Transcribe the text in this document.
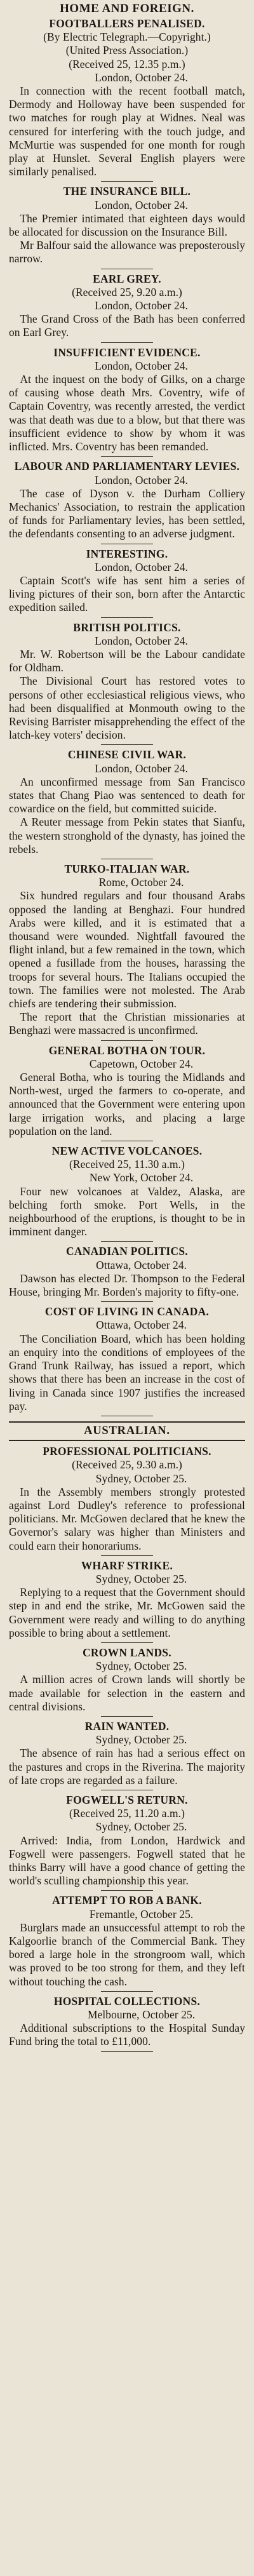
HOME AND FOREIGN.
FOOTBALLERS PENALISED.
(By Electric Telegraph.—Copyright.)
(United Press Association.)
(Received 25, 12.35 p.m.)
London, October 24.

In connection with the recent football match, Dermody and Holloway have been suspended for two matches for rough play at Widnes. Neal was censured for interfering with the touch judge, and McMurtie was suspended for one month for rough play at Hunslet. Several English players were similarly penalised.

THE INSURANCE BILL.
London, October 24.

The Premier intimated that eighteen days would be allocated for discussion on the Insurance Bill.

Mr Balfour said the allowance was preposterously narrow.

EARL GREY.
(Received 25, 9.20 a.m.)
London, October 24.

The Grand Cross of the Bath has been conferred on Earl Grey.

INSUFFICIENT EVIDENCE.
London, October 24.

At the inquest on the body of Gilks, on a charge of causing whose death Mrs. Coventry, wife of Captain Coventry, was recently arrested, the verdict was that death was due to a blow, but that there was insufficient evidence to show by whom it was inflicted. Mrs. Coventry has been remanded.

LABOUR AND PARLIAMENTARY LEVIES.
London, October 24.

The case of Dyson v. the Durham Colliery Mechanics' Association, to restrain the application of funds for Parliamentary levies, has been settled, the defendants consenting to an adverse judgment.

INTERESTING.
London, October 24.

Captain Scott's wife has sent him a series of living pictures of their son, born after the Antarctic expedition sailed.

BRITISH POLITICS.
London, October 24.

Mr. W. Robertson will be the Labour candidate for Oldham.

The Divisional Court has restored votes to persons of other ecclesiastical religious views, who had been disqualified at Monmouth owing to the Revising Barrister misapprehending the effect of the latch-key voters' decision.

CHINESE CIVIL WAR.
London, October 24.

An unconfirmed message from San Francisco states that Chang Piao was sentenced to death for cowardice on the field, but committed suicide.

A Reuter message from Pekin states that Sianfu, the western stronghold of the dynasty, has joined the rebels.

TURKO-ITALIAN WAR.
Rome, October 24.

Six hundred regulars and four thousand Arabs opposed the landing at Benghazi. Four hundred Arabs were killed, and it is estimated that a thousand were wounded. Nightfall favoured the flight inland, but a few remained in the town, which opened a fusillade from the houses, harassing the troops for several hours. The Italians occupied the town. The families were not molested. The Arab chiefs are tendering their submission.

The report that the Christian missionaries at Benghazi were massacred is unconfirmed.

GENERAL BOTHA ON TOUR.
Capetown, October 24.

General Botha, who is touring the Midlands and North-west, urged the farmers to co-operate, and announced that the Government were entering upon large irrigation works, and placing a large population on the land.

NEW ACTIVE VOLCANOES.
(Received 25, 11.30 a.m.)
New York, October 24.

Four new volcanoes at Valdez, Alaska, are belching forth smoke. Port Wells, in the neighbourhood of the eruptions, is thought to be in imminent danger.

CANADIAN POLITICS.
Ottawa, October 24.

Dawson has elected Dr. Thompson to the Federal House, bringing Mr. Borden's majority to fifty-one.

COST OF LIVING IN CANADA.
Ottawa, October 24.

The Conciliation Board, which has been holding an enquiry into the conditions of employees of the Grand Trunk Railway, has issued a report, which shows that there has been an increase in the cost of living in Canada since 1907 justifies the increased pay.

AUSTRALIAN.
PROFESSIONAL POLITICIANS.
(Received 25, 9.30 a.m.)
Sydney, October 25.

In the Assembly members strongly protested against Lord Dudley's reference to professional politicians. Mr. McGowen declared that he knew the Governor's salary was higher than Ministers and could earn their honorariums.

WHARF STRIKE.
Sydney, October 25.

Replying to a request that the Government should step in and end the strike, Mr. McGowen said the Government were ready and willing to do anything possible to bring about a settlement.

CROWN LANDS.
Sydney, October 25.

A million acres of Crown lands will shortly be made available for selection in the eastern and central divisions.

RAIN WANTED.
Sydney, October 25.

The absence of rain has had a serious effect on the pastures and crops in the Riverina. The majority of late crops are regarded as a failure.

FOGWELL'S RETURN.
(Received 25, 11.20 a.m.)
Sydney, October 25.

Arrived: India, from London, Hardwick and Fogwell were passengers. Fogwell stated that he thinks Barry will have a good chance of getting the world's sculling championship this year.

ATTEMPT TO ROB A BANK.
Fremantle, October 25.

Burglars made an unsuccessful attempt to rob the Kalgoorlie branch of the Commercial Bank. They bored a large hole in the strongroom wall, which was proved to be too strong for them, and they left without touching the cash.

HOSPITAL COLLECTIONS.
Melbourne, October 25.

Additional subscriptions to the Hospital Sunday Fund bring the total to £11,000.
